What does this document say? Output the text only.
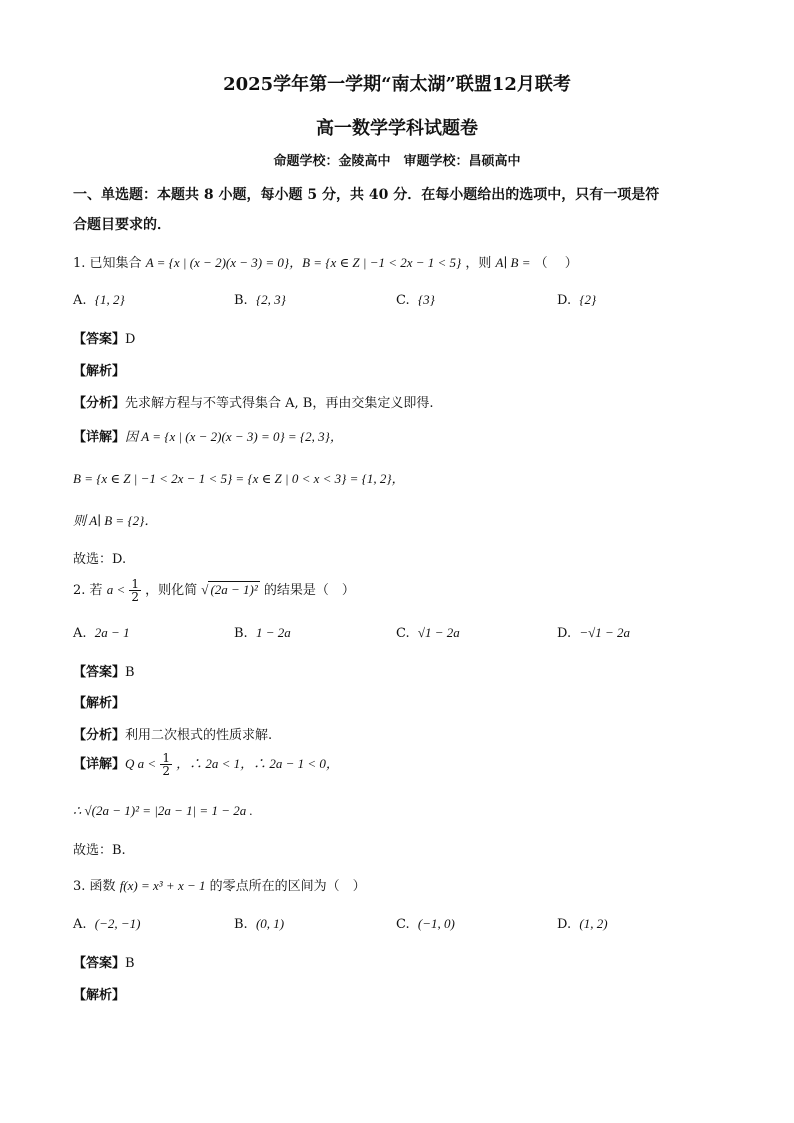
2025学年第一学期“南太湖”联盟12月联考
高一数学学科试题卷
命题学校：金陵高中　审题学校：昌硕高中
一、单选题：本题共 8 小题，每小题 5 分，共 40 分．在每小题给出的选项中，只有一项是符
合题目要求的．
1. 已知集合 A = {x | (x − 2)(x − 3) = 0}，B = {x ∈ Z | −1 < 2x − 1 < 5} ，则 A∣ B = （　 ）
A. {1, 2}	B. {2, 3}	C. {3}	D. {2}
【答案】D
【解析】
【分析】先求解方程与不等式得集合 A, B，再由交集定义即得.
【详解】因 A = {x | (x − 2)(x − 3) = 0} = {2, 3}，
B = {x ∈ Z | −1 < 2x − 1 < 5} = {x ∈ Z | 0 < x < 3} = {1, 2}，
则 A∣ B = {2}．
故选：D.
2. 若 $a < \frac{1}{2}$ ，则化简 √ (2a − 1)² 的结果是（　）
A. 2a − 1	B. 1 − 2a	C. √1 − 2a	D. −√1 − 2a
【答案】B
【解析】
【分析】利用二次根式的性质求解.
【详解】Q $a < \frac{1}{2}$ ，∴ 2a < 1，∴ 2a − 1 < 0，
∴ √(2a − 1)² = |2a − 1| = 1 − 2a .
故选：B.
3. 函数 f(x) = x³ + x − 1 的零点所在的区间为（　）
A. (−2, −1)	B. (0, 1)	C. (−1, 0)	D. (1, 2)
【答案】B
【解析】
